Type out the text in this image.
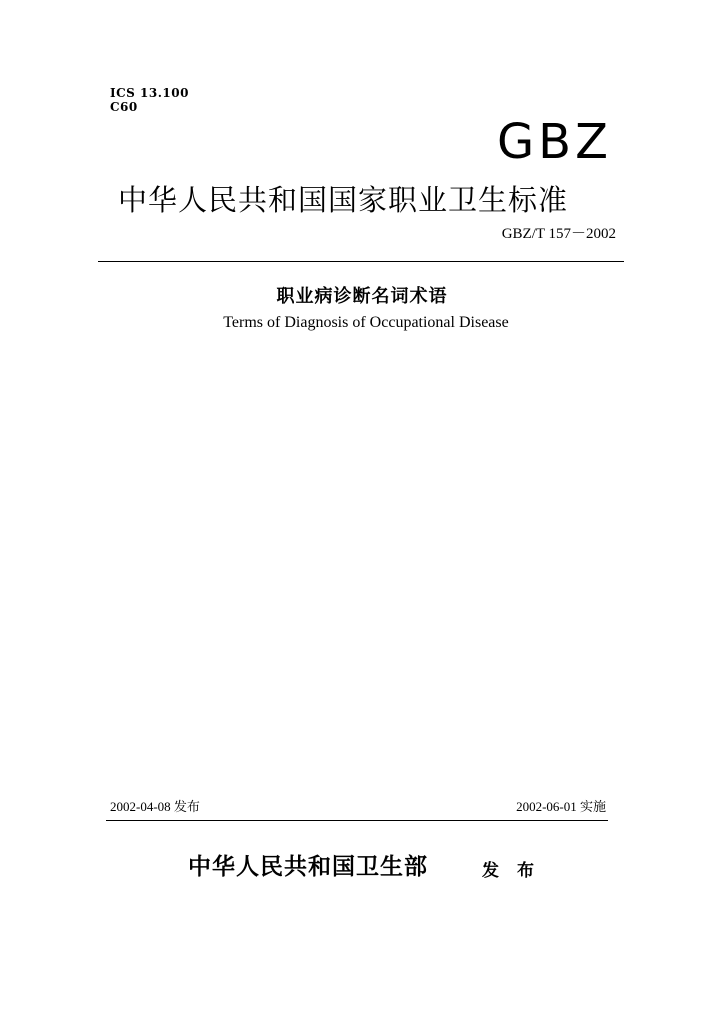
ICS 13.100
C60
GBZ
中华人民共和国国家职业卫生标准
GBZ/T 157－2002
职业病诊断名词术语
Terms of Diagnosis of Occupational Disease
2002-04-08 发布	2002-06-01 实施
中华人民共和国卫生部	发布
